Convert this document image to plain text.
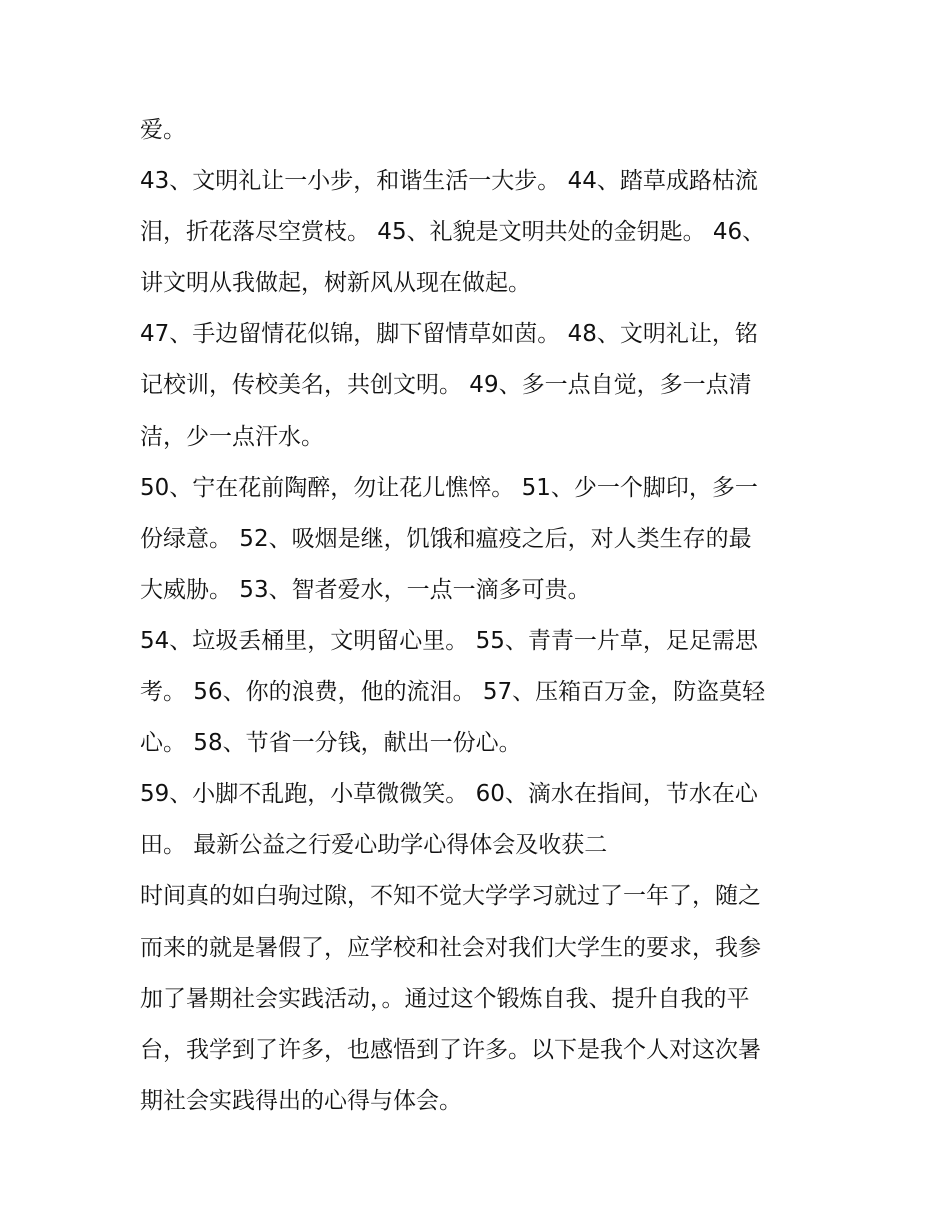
爱。
43、文明礼让一小步，和谐生活一大步。 44、踏草成路枯流
泪，折花落尽空赏枝。 45、礼貌是文明共处的金钥匙。 46、
讲文明从我做起，树新风从现在做起。
47、手边留情花似锦，脚下留情草如茵。 48、文明礼让，铭
记校训，传校美名，共创文明。 49、多一点自觉，多一点清
洁，少一点汗水。
50、宁在花前陶醉，勿让花儿憔悴。 51、少一个脚印，多一
份绿意。 52、吸烟是继，饥饿和瘟疫之后，对人类生存的最
大威胁。 53、智者爱水，一点一滴多可贵。
54、垃圾丢桶里，文明留心里。 55、青青一片草，足足需思
考。 56、你的浪费，他的流泪。 57、压箱百万金，防盗莫轻
心。 58、节省一分钱，献出一份心。
59、小脚不乱跑，小草微微笑。 60、滴水在指间，节水在心
田。 最新公益之行爱心助学心得体会及收获二
时间真的如白驹过隙，不知不觉大学学习就过了一年了，随之
而来的就是暑假了，应学校和社会对我们大学生的要求，我参
加了暑期社会实践活动，。通过这个锻炼自我、提升自我的平
台，我学到了许多，也感悟到了许多。以下是我个人对这次暑
期社会实践得出的心得与体会。
